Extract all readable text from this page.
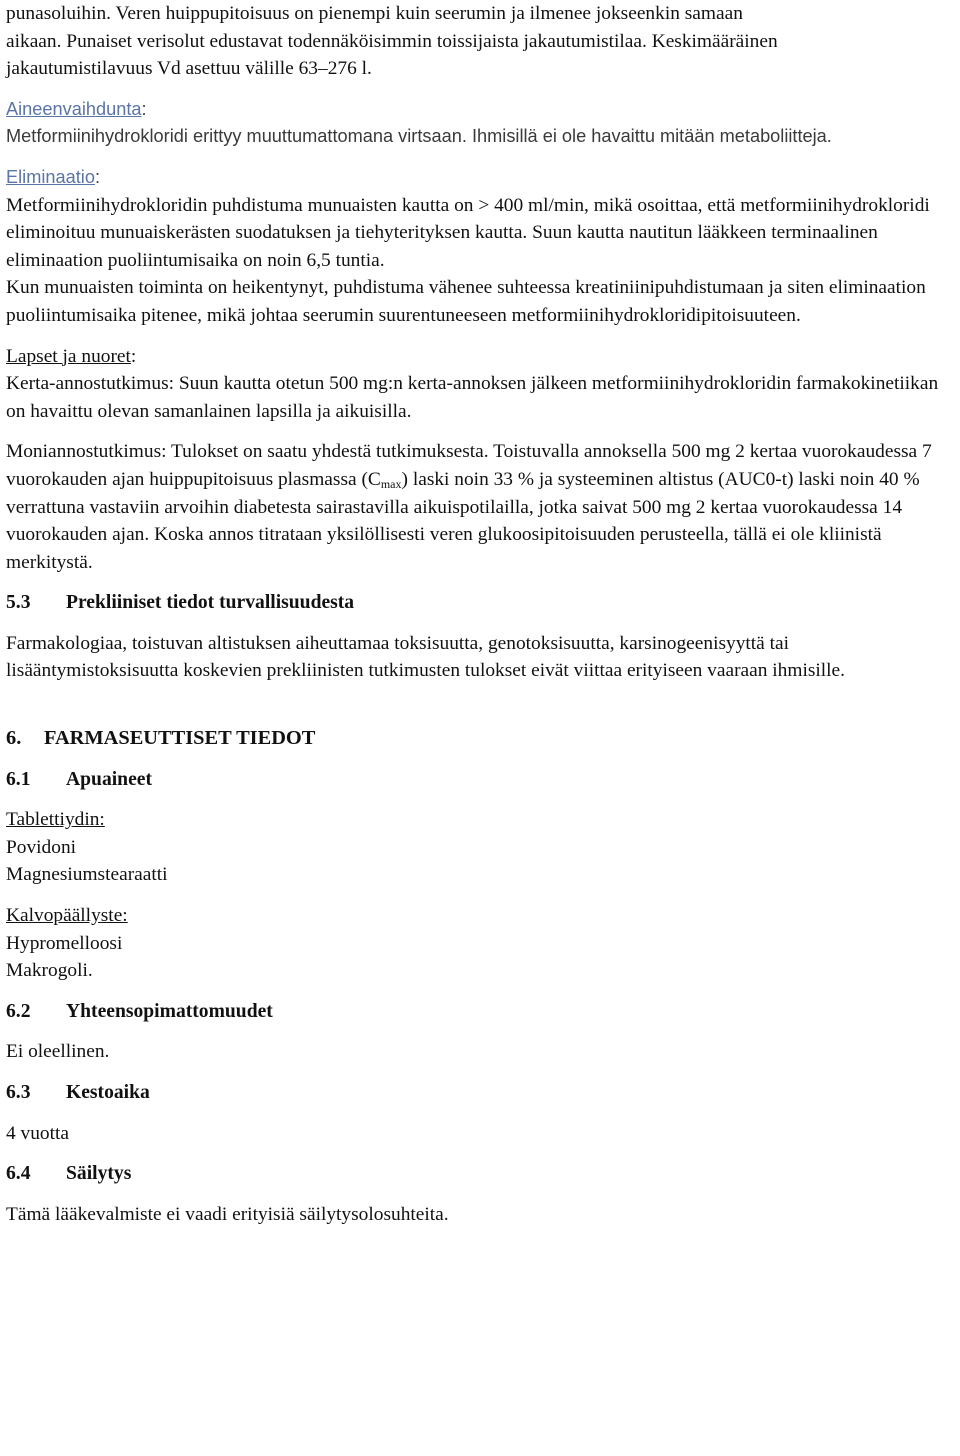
punasoluihin. Veren huippupitoisuus on pienempi kuin seerumin ja ilmenee jokseenkin samaan
aikaan. Punaiset verisolut edustavat todennäköisimmin toissijaista jakautumistilaa. Keskimääräinen
jakautumistilavuus Vd asettuu välille 63–276 l.

Aineenvaihdunta:

Metformiinihydrokloridi erittyy muuttumattomana virtsaan. Ihmisillä ei ole havaittu mitään metaboliitteja.

Eliminaatio:

Metformiinihydrokloridin puhdistuma munuaisten kautta on > 400 ml/min, mikä osoittaa, että metformiinihydrokloridi eliminoituu munuaiskerästen suodatuksen ja tiehyterityksen kautta. Suun kautta nautitun lääkkeen terminaalinen eliminaation puoliintumisaika on noin 6,5 tuntia.

Kun munuaisten toiminta on heikentynyt, puhdistuma vähenee suhteessa kreatiniinipuhdistumaan ja siten eliminaation puoliintumisaika pitenee, mikä johtaa seerumin suurentuneeseen metformiinihydrokloridipitoisuuteen.

Lapset ja nuoret:

Kerta-annostutkimus: Suun kautta otetun 500 mg:n kerta-annoksen jälkeen metformiinihydrokloridin farmakokinetiikan on havaittu olevan samanlainen lapsilla ja aikuisilla.

Moniannostutkimus: Tulokset on saatu yhdestä tutkimuksesta. Toistuvalla annoksella 500 mg 2 kertaa vuorokaudessa 7 vuorokauden ajan huippupitoisuus plasmassa $(C_{max})$ laski noin 33 % ja systeeminen altistus (AUC0-t) laski noin 40 % verrattuna vastaviin arvoihin diabetesta sairastavilla aikuispotilailla, jotka saivat 500 mg 2 kertaa vuorokaudessa 14 vuorokauden ajan. Koska annos titrataan yksilöllisesti veren glukoosipitoisuuden perusteella, tällä ei ole kliinistä merkitystä.

5.3 Prekliiniset tiedot turvallisuudesta

Farmakologiaa, toistuvan altistuksen aiheuttamaa toksisuutta, genotoksisuutta, karsinogeenisyyttä tai lisääntymistoksisuutta koskevien prekliinisten tutkimusten tulokset eivät viittaa erityiseen vaaraan ihmisille.

6. FARMASEUTTISET TIEDOT
6.1 Apuaineet

Tablettiydin:

Povidoni

Magnesiumstearaatti

Kalvopäällyste:

Hypromelloosi

Makrogoli.

6.2 Yhteensopimattomuudet

Ei oleellinen.

6.3 Kestoaika

4 vuotta

6.4 Säilytys

Tämä lääkevalmiste ei vaadi erityisiä säilytysolosuhteita.
